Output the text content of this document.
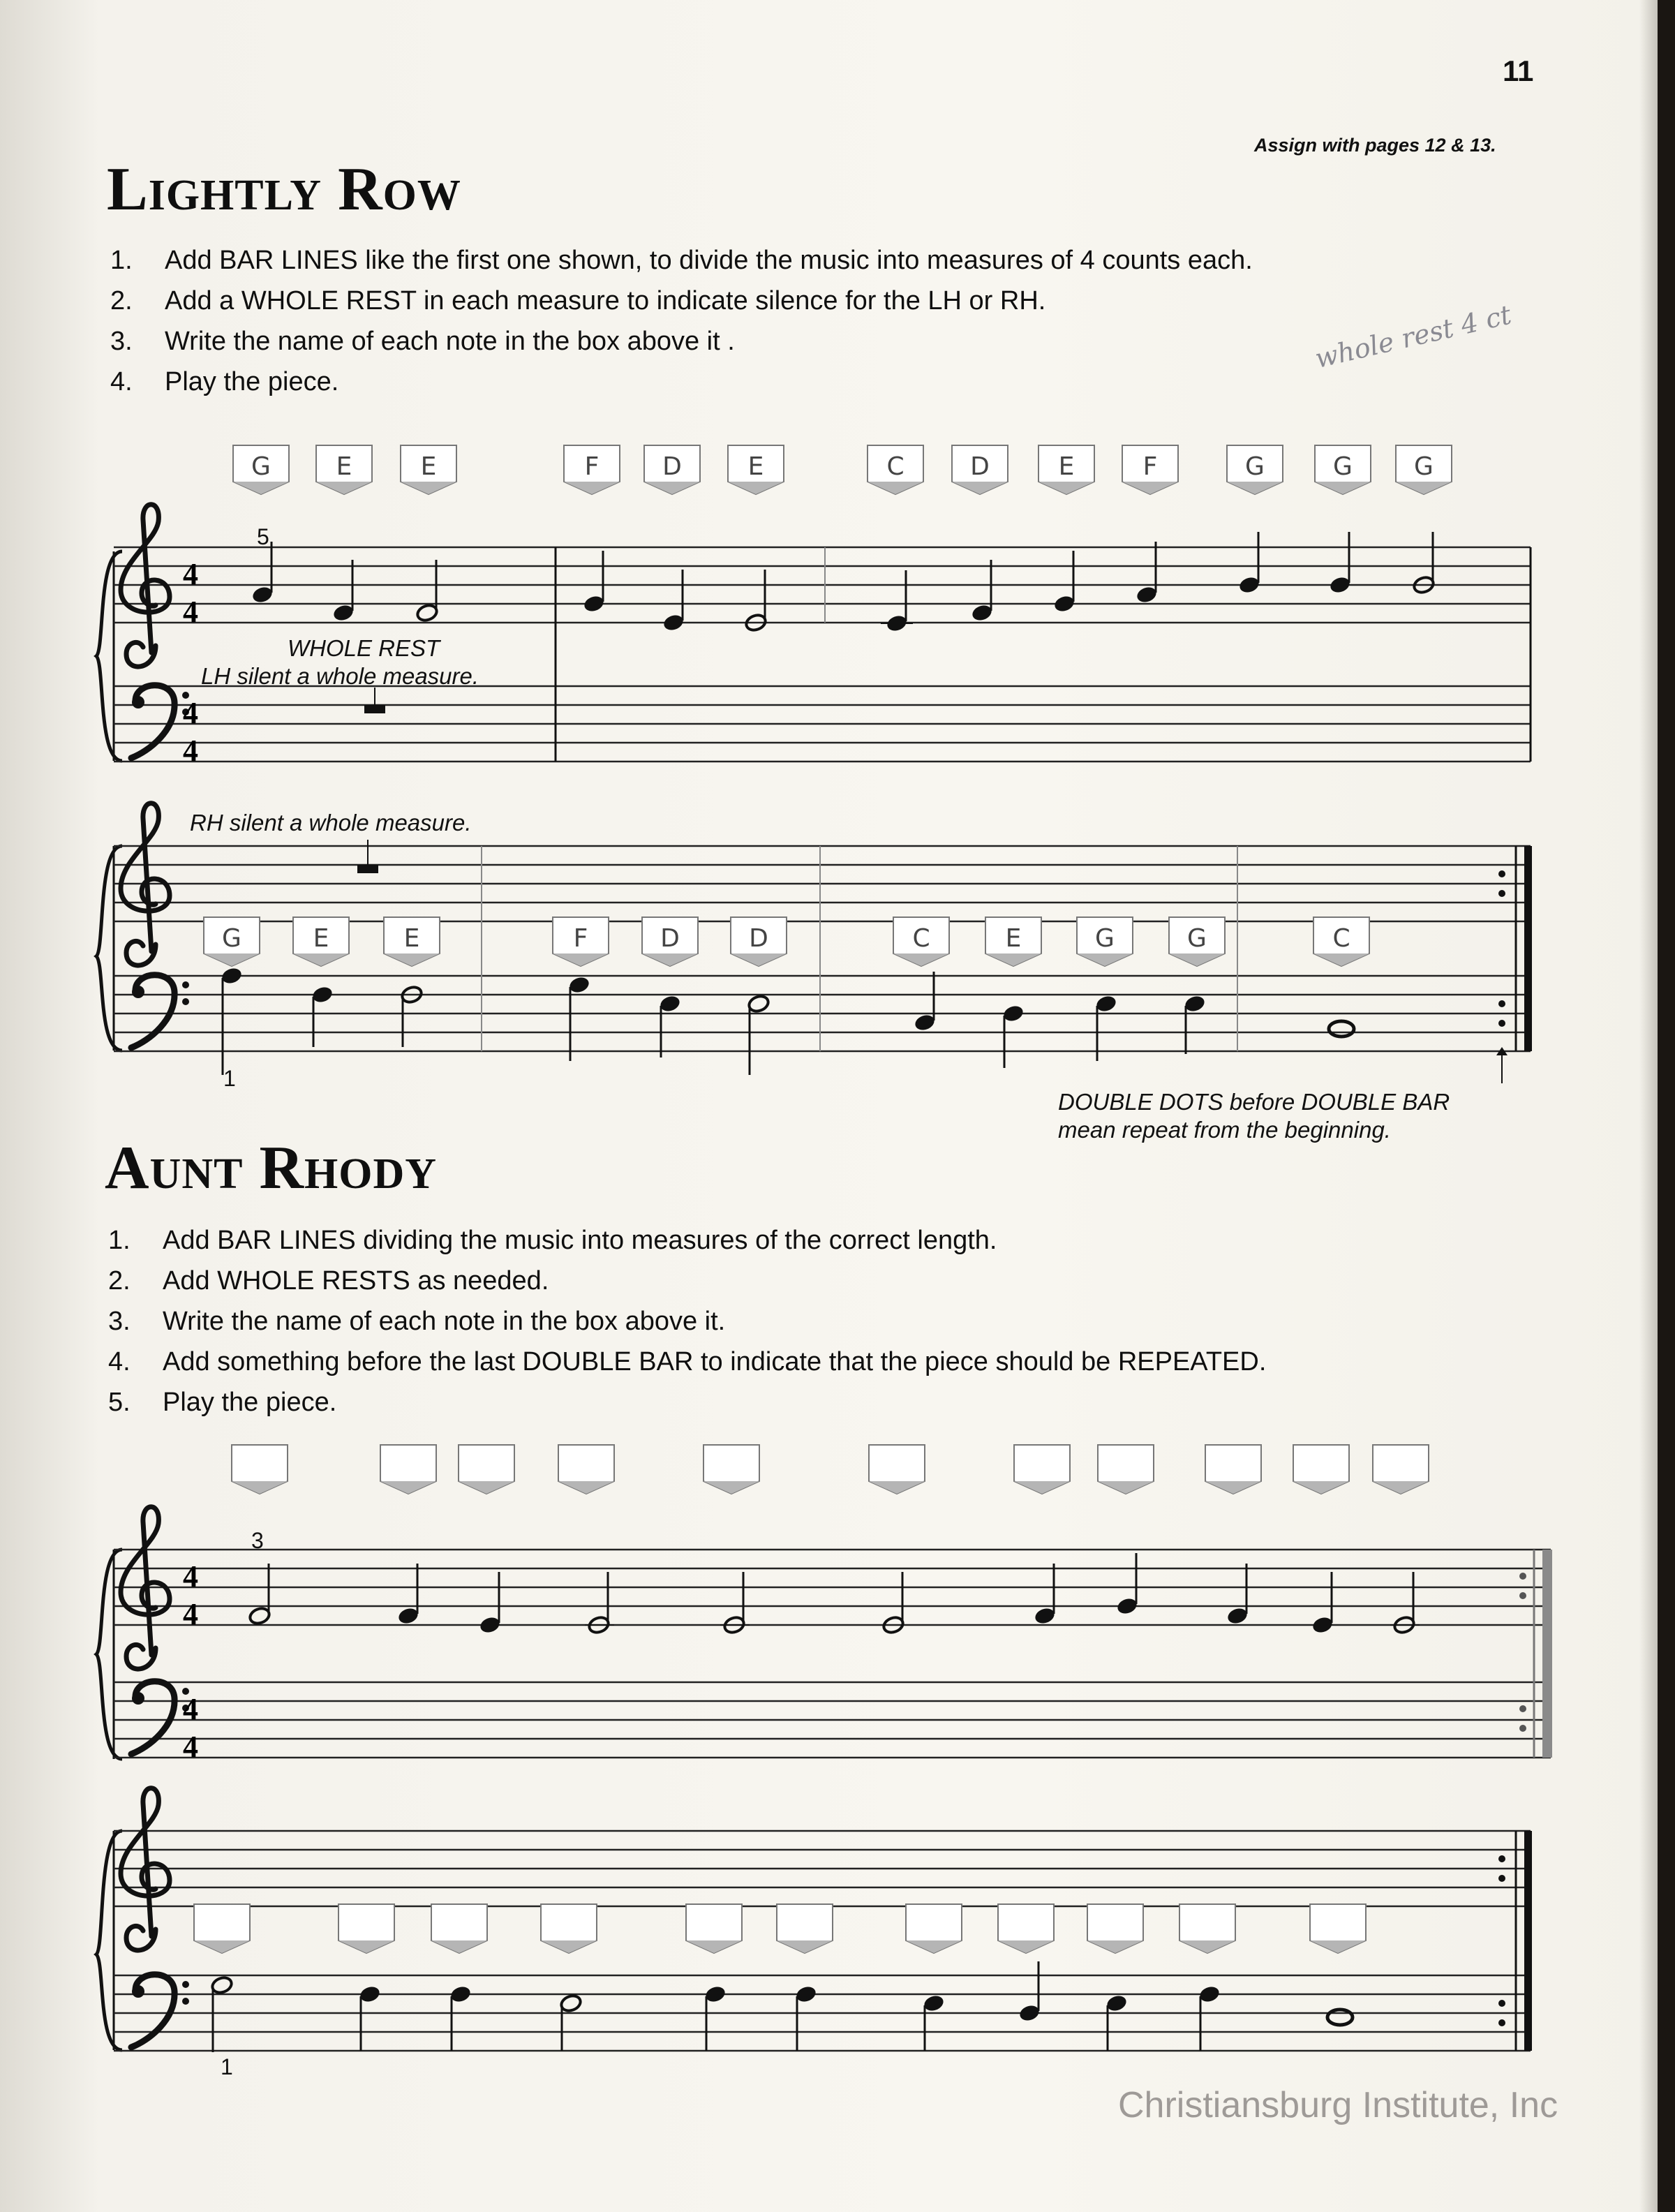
11
Assign with pages 12 & 13.
Lightly Row
1.	Add BAR LINES like the first one shown, to divide the music into measures of 4 counts each.
2.	Add a WHOLE REST in each measure to indicate silence for the LH or RH.
3.	Write the name of each note in the box above it .
4.	Play the piece.
whole rest 4 ct
Aunt Rhody
1.	Add BAR LINES dividing the music into measures of the correct length.
2.	Add WHOLE RESTS as needed.
3.	Write the name of each note in the box above it.
4.	Add something before the last DOUBLE BAR to indicate that the piece should be REPEATED.
5.	Play the piece.
4
4
4
4
5
WHOLE REST
LH silent a whole measure.
G	E	E	F	D	E	C	D	E	F	G	G G
RH silent a whole measure.
1
G	E	E	F	D	D	C	E	G	G	C
DOUBLE DOTS before DOUBLE BAR
mean repeat from the beginning.
4
4
4
4
3
1
Christiansburg Institute, Inc
